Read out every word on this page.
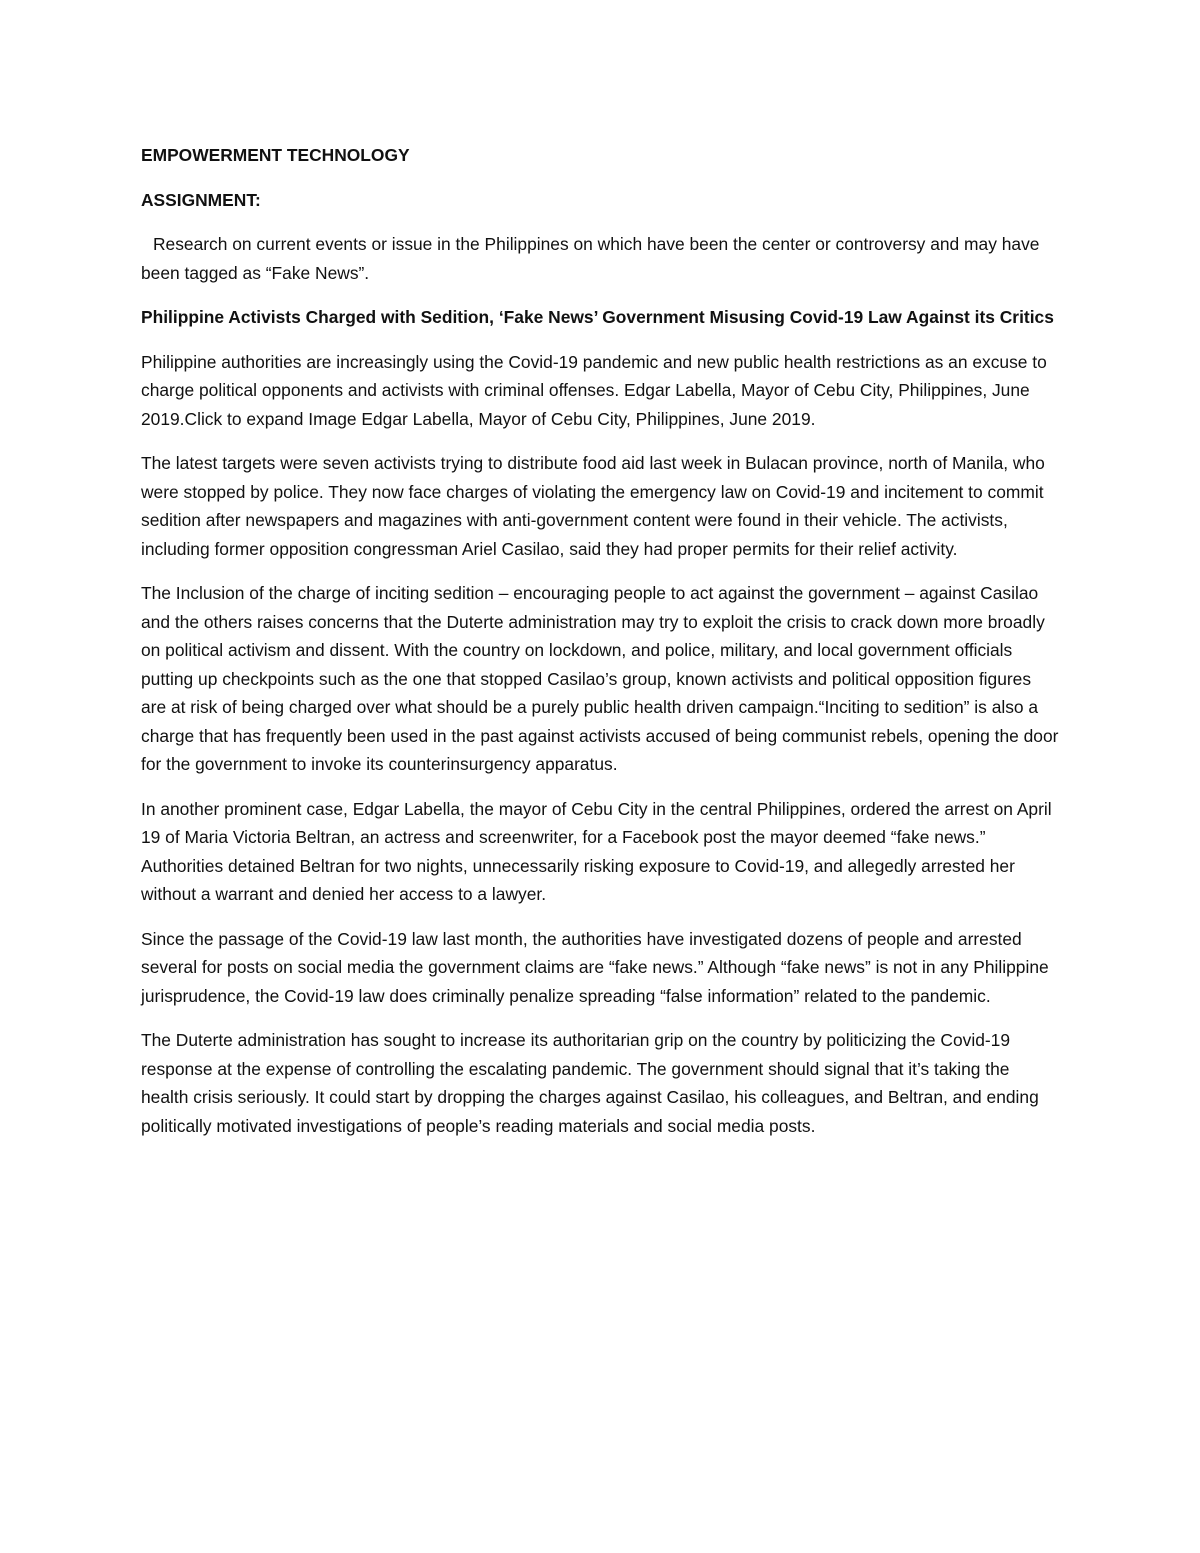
EMPOWERMENT TECHNOLOGY

ASSIGNMENT:

Research on current events or issue in the Philippines on which have been the center or controversy and may have been tagged as “Fake News”.

Philippine Activists Charged with Sedition, ‘Fake News’ Government Misusing Covid-19 Law Against its Critics

Philippine authorities are increasingly using the Covid-19 pandemic and new public health restrictions as an excuse to charge political opponents and activists with criminal offenses. Edgar Labella, Mayor of Cebu City, Philippines, June 2019.Click to expand Image Edgar Labella, Mayor of Cebu City, Philippines, June 2019.

The latest targets were seven activists trying to distribute food aid last week in Bulacan province, north of Manila, who were stopped by police. They now face charges of violating the emergency law on Covid-19 and incitement to commit sedition after newspapers and magazines with anti-government content were found in their vehicle. The activists, including former opposition congressman Ariel Casilao, said they had proper permits for their relief activity.

The Inclusion of the charge of inciting sedition – encouraging people to act against the government – against Casilao and the others raises concerns that the Duterte administration may try to exploit the crisis to crack down more broadly on political activism and dissent. With the country on lockdown, and police, military, and local government officials putting up checkpoints such as the one that stopped Casilao’s group, known activists and political opposition figures are at risk of being charged over what should be a purely public health driven campaign.“Inciting to sedition” is also a charge that has frequently been used in the past against activists accused of being communist rebels, opening the door for the government to invoke its counterinsurgency apparatus.

In another prominent case, Edgar Labella, the mayor of Cebu City in the central Philippines, ordered the arrest on April 19 of Maria Victoria Beltran, an actress and screenwriter, for a Facebook post the mayor deemed “fake news.” Authorities detained Beltran for two nights, unnecessarily risking exposure to Covid-19, and allegedly arrested her without a warrant and denied her access to a lawyer.

Since the passage of the Covid-19 law last month, the authorities have investigated dozens of people and arrested several for posts on social media the government claims are “fake news.” Although “fake news” is not in any Philippine jurisprudence, the Covid-19 law does criminally penalize spreading “false information” related to the pandemic.

The Duterte administration has sought to increase its authoritarian grip on the country by politicizing the Covid-19 response at the expense of controlling the escalating pandemic. The government should signal that it’s taking the health crisis seriously. It could start by dropping the charges against Casilao, his colleagues, and Beltran, and ending politically motivated investigations of people’s reading materials and social media posts.
